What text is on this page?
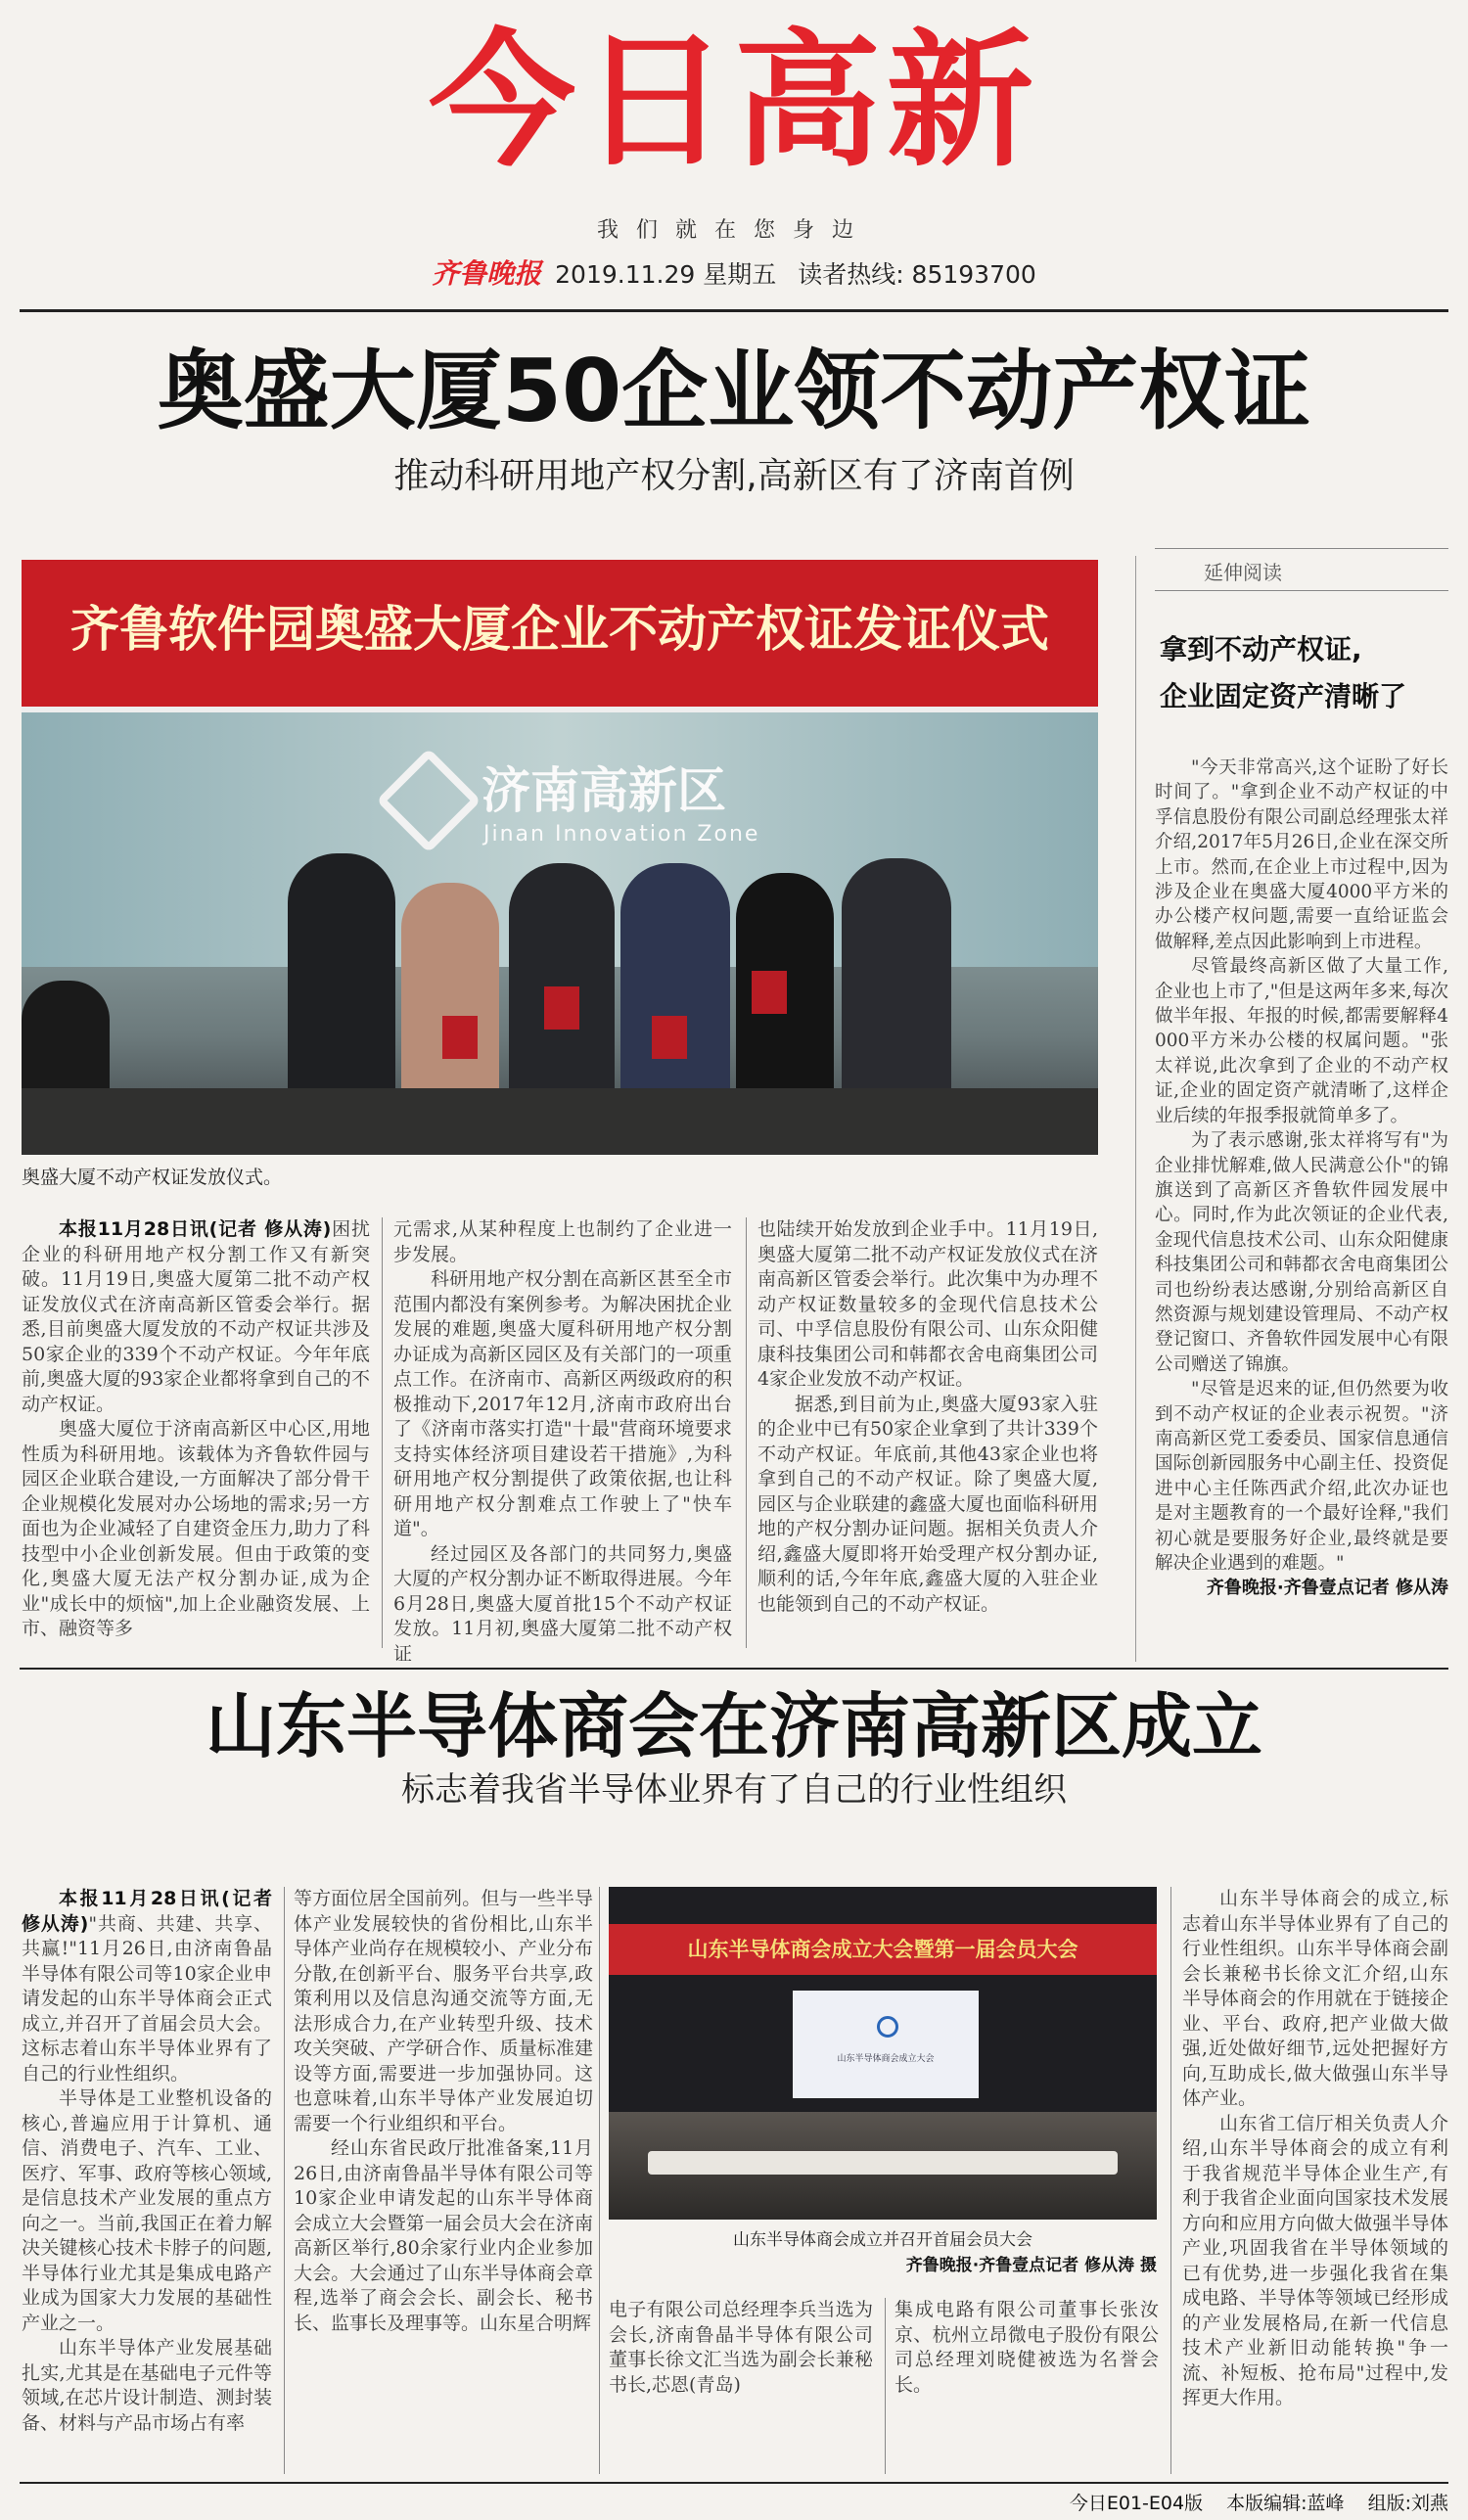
今日高新
我们就在您身边
齐鲁晚报 2019.11.29 星期五 读者热线: 85193700
奥盛大厦50企业领不动产权证
推动科研用地产权分割,高新区有了济南首例
齐鲁软件园奥盛大厦企业不动产权证发证仪式
济南高新区
Jinan Innovation Zone
奥盛大厦不动产权证发放仪式。

本报11月28日讯(记者 修从涛)困扰企业的科研用地产权分割工作又有新突破。11月19日,奥盛大厦第二批不动产权证发放仪式在济南高新区管委会举行。据悉,目前奥盛大厦发放的不动产权证共涉及50家企业的339个不动产权证。今年年底前,奥盛大厦的93家企业都将拿到自己的不动产权证。

奥盛大厦位于济南高新区中心区,用地性质为科研用地。该载体为齐鲁软件园与园区企业联合建设,一方面解决了部分骨干企业规模化发展对办公场地的需求;另一方面也为企业减轻了自建资金压力,助力了科技型中小企业创新发展。但由于政策的变化,奥盛大厦无法产权分割办证,成为企业"成长中的烦恼",加上企业融资发展、上市、融资等多

元需求,从某种程度上也制约了企业进一步发展。

科研用地产权分割在高新区甚至全市范围内都没有案例参考。为解决困扰企业发展的难题,奥盛大厦科研用地产权分割办证成为高新区园区及有关部门的一项重点工作。在济南市、高新区两级政府的积极推动下,2017年12月,济南市政府出台了《济南市落实打造"十最"营商环境要求支持实体经济项目建设若干措施》,为科研用地产权分割提供了政策依据,也让科研用地产权分割难点工作驶上了"快车道"。

经过园区及各部门的共同努力,奥盛大厦的产权分割办证不断取得进展。今年6月28日,奥盛大厦首批15个不动产权证发放。11月初,奥盛大厦第二批不动产权证

也陆续开始发放到企业手中。11月19日,奥盛大厦第二批不动产权证发放仪式在济南高新区管委会举行。此次集中为办理不动产权证数量较多的金现代信息技术公司、中孚信息股份有限公司、山东众阳健康科技集团公司和韩都衣舍电商集团公司4家企业发放不动产权证。

据悉,到目前为止,奥盛大厦93家入驻的企业中已有50家企业拿到了共计339个不动产权证。年底前,其他43家企业也将拿到自己的不动产权证。除了奥盛大厦,园区与企业联建的鑫盛大厦也面临科研用地的产权分割办证问题。据相关负责人介绍,鑫盛大厦即将开始受理产权分割办证,顺利的话,今年年底,鑫盛大厦的入驻企业也能领到自己的不动产权证。

延伸阅读
拿到不动产权证,
企业固定资产清晰了

"今天非常高兴,这个证盼了好长时间了。"拿到企业不动产权证的中孚信息股份有限公司副总经理张太祥介绍,2017年5月26日,企业在深交所上市。然而,在企业上市过程中,因为涉及企业在奥盛大厦4000平方米的办公楼产权问题,需要一直给证监会做解释,差点因此影响到上市进程。

尽管最终高新区做了大量工作,企业也上市了,"但是这两年多来,每次做半年报、年报的时候,都需要解释4000平方米办公楼的权属问题。"张太祥说,此次拿到了企业的不动产权证,企业的固定资产就清晰了,这样企业后续的年报季报就简单多了。

为了表示感谢,张太祥将写有"为企业排忧解难,做人民满意公仆"的锦旗送到了高新区齐鲁软件园发展中心。同时,作为此次领证的企业代表,金现代信息技术公司、山东众阳健康科技集团公司和韩都衣舍电商集团公司也纷纷表达感谢,分别给高新区自然资源与规划建设管理局、不动产权登记窗口、齐鲁软件园发展中心有限公司赠送了锦旗。

"尽管是迟来的证,但仍然要为收到不动产权证的企业表示祝贺。"济南高新区党工委委员、国家信息通信国际创新园服务中心副主任、投资促进中心主任陈西武介绍,此次办证也是对主题教育的一个最好诠释,"我们初心就是要服务好企业,最终就是要解决企业遇到的难题。"

齐鲁晚报·齐鲁壹点记者 修从涛

山东半导体商会在济南高新区成立
标志着我省半导体业界有了自己的行业性组织
山东半导体商会成立大会暨第一届会员大会
山东半导体商会成立大会
山东半导体商会成立并召开首届会员大会
齐鲁晚报·齐鲁壹点记者 修从涛 摄

本报11月28日讯(记者 修从涛)"共商、共建、共享、共赢!"11月26日,由济南鲁晶半导体有限公司等10家企业申请发起的山东半导体商会正式成立,并召开了首届会员大会。这标志着山东半导体业界有了自己的行业性组织。

半导体是工业整机设备的核心,普遍应用于计算机、通信、消费电子、汽车、工业、医疗、军事、政府等核心领域,是信息技术产业发展的重点方向之一。当前,我国正在着力解决关键核心技术卡脖子的问题,半导体行业尤其是集成电路产业成为国家大力发展的基础性产业之一。

山东半导体产业发展基础扎实,尤其是在基础电子元件等领域,在芯片设计制造、测封装备、材料与产品市场占有率

等方面位居全国前列。但与一些半导体产业发展较快的省份相比,山东半导体产业尚存在规模较小、产业分布分散,在创新平台、服务平台共享,政策利用以及信息沟通交流等方面,无法形成合力,在产业转型升级、技术攻关突破、产学研合作、质量标准建设等方面,需要进一步加强协同。这也意味着,山东半导体产业发展迫切需要一个行业组织和平台。

经山东省民政厅批准备案,11月26日,由济南鲁晶半导体有限公司等10家企业申请发起的山东半导体商会成立大会暨第一届会员大会在济南高新区举行,80余家行业内企业参加大会。大会通过了山东半导体商会章程,选举了商会会长、副会长、秘书长、监事长及理事等。山东星合明辉

电子有限公司总经理李兵当选为会长,济南鲁晶半导体有限公司董事长徐文汇当选为副会长兼秘书长,芯恩(青岛)

集成电路有限公司董事长张汝京、杭州立昂微电子股份有限公司总经理刘晓健被选为名誉会长。

山东半导体商会的成立,标志着山东半导体业界有了自己的行业性组织。山东半导体商会副会长兼秘书长徐文汇介绍,山东半导体商会的作用就在于链接企业、平台、政府,把产业做大做强,近处做好细节,远处把握好方向,互助成长,做大做强山东半导体产业。

山东省工信厅相关负责人介绍,山东半导体商会的成立有利于我省规范半导体企业生产,有利于我省企业面向国家技术发展方向和应用方向做大做强半导体产业,巩固我省在半导体领域的已有优势,进一步强化我省在集成电路、半导体等领域已经形成的产业发展格局,在新一代信息技术产业新旧动能转换"争一流、补短板、抢布局"过程中,发挥更大作用。

今日E01-E04版 本版编辑:蓝峰 组版:刘燕
